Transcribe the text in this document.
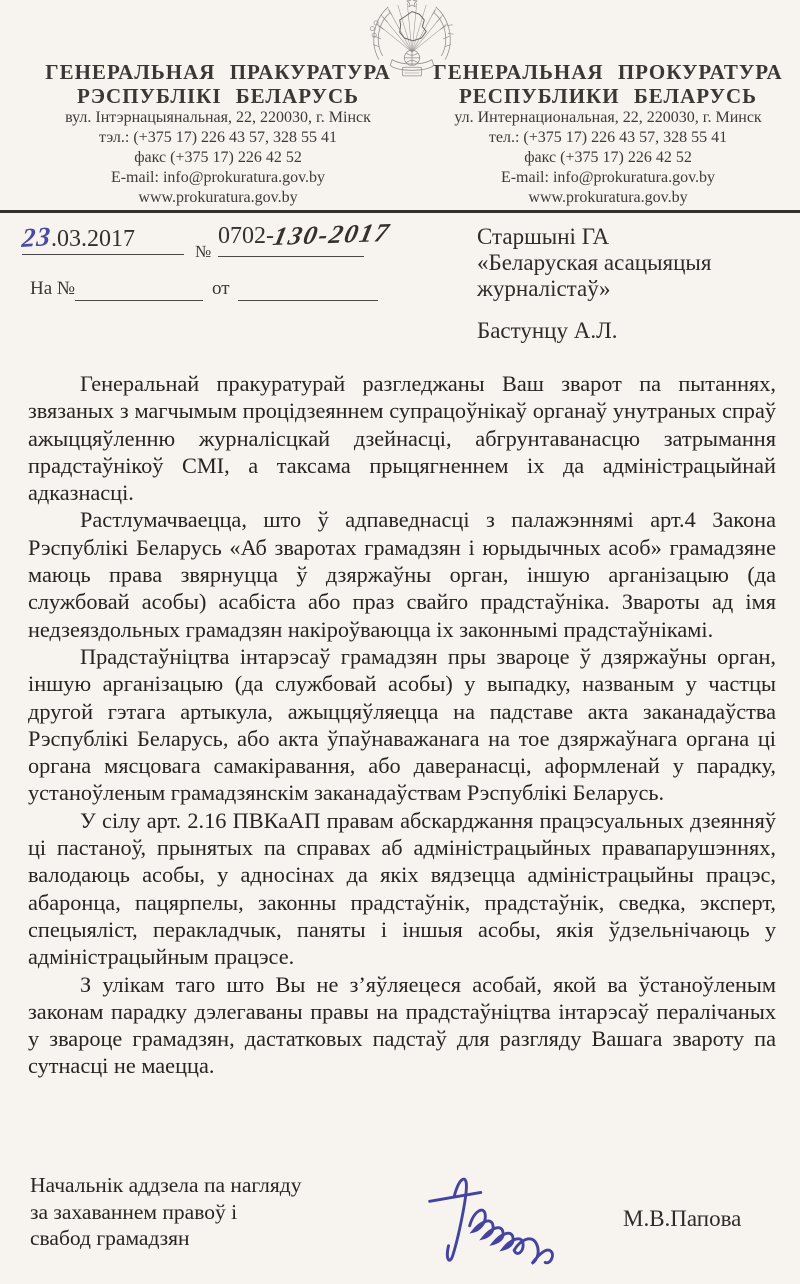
ГЕНЕРАЛЬНАЯ ПРАКУРАТУРА
РЭСПУБЛІКІ БЕЛАРУСЬ
вул. Інтэрнацыянальная, 22, 220030, г. Мінск
тэл.: (+375 17) 226 43 57, 328 55 41
факс (+375 17) 226 42 52
E-mail: info@prokuratura.gov.by
www.prokuratura.gov.by
ГЕНЕРАЛЬНАЯ ПРОКУРАТУРА
РЕСПУБЛИКИ БЕЛАРУСЬ
ул. Интернациональная, 22, 220030, г. Минск
тел.: (+375 17) 226 43 57, 328 55 41
факс (+375 17) 226 42 52
E-mail: info@prokuratura.gov.by
www.prokuratura.gov.by
23.03.2017	№
0702-130-2017
На №	от
Старшыні ГА
«Беларуская асацыяцыя
журналістаў»
Бастунцу А.Л.

Генеральнай пракуратурай разгледжаны Ваш зварот па пытаннях, звязаных з магчымым процідзеяннем супрацоўнікаў органаў унутраных спраў ажыццяўленню журналісцкай дзейнасці, абгрунтаванасцю затрымання прадстаўнікоў СМІ, а таксама прыцягненнем іх да адміністрацыйнай адказнасці.

Растлумачваецца, што ў адпаведнасці з палажэннямі арт.4 Закона Рэспублікі Беларусь «Аб зваротах грамадзян і юрыдычных асоб» грамадзяне маюць права звярнуцца ў дзяржаўны орган, іншую арганізацыю (да службовай асобы) асабіста або праз свайго прадстаўніка. Звароты ад імя недзеяздольных грамадзян накіроўваюцца іх законнымі прадстаўнікамі.

Прадстаўніцтва інтарэсаў грамадзян пры звароце ў дзяржаўны орган, іншую арганізацыю (да службовай асобы) у выпадку, названым у частцы другой гэтага артыкула, ажыццяўляецца на падставе акта заканадаўства Рэспублікі Беларусь, або акта ўпаўнаважанага на тое дзяржаўнага органа ці органа мясцовага самакіравання, або даверанасці, аформленай у парадку, устаноўленым грамадзянскім заканадаўствам Рэспублікі Беларусь.

У сілу арт. 2.16 ПВКаАП правам абскарджання працэсуальных дзеянняў ці пастаноў, прынятых па справах аб адміністрацыйных правапарушэннях, валодаюць асобы, у адносінах да якіх вядзецца адміністрацыйны працэс, абаронца, пацярпелы, законны прадстаўнік, прадстаўнік, сведка, эксперт, спецыяліст, перакладчык, паняты і іншыя асобы, якія ўдзельнічаюць у адміністрацыйным працэсе.

З улікам таго што Вы не з’яўляецеся асобай, якой ва ўстаноўленым законам парадку дэлегаваны правы на прадстаўніцтва інтарэсаў пералічаных у звароце грамадзян, дастатковых падстаў для разгляду Вашага звароту па сутнасці не маецца.

Начальнік аддзела па нагляду
за захаваннем правоў і
свабод грамадзян
М.В.Папова
